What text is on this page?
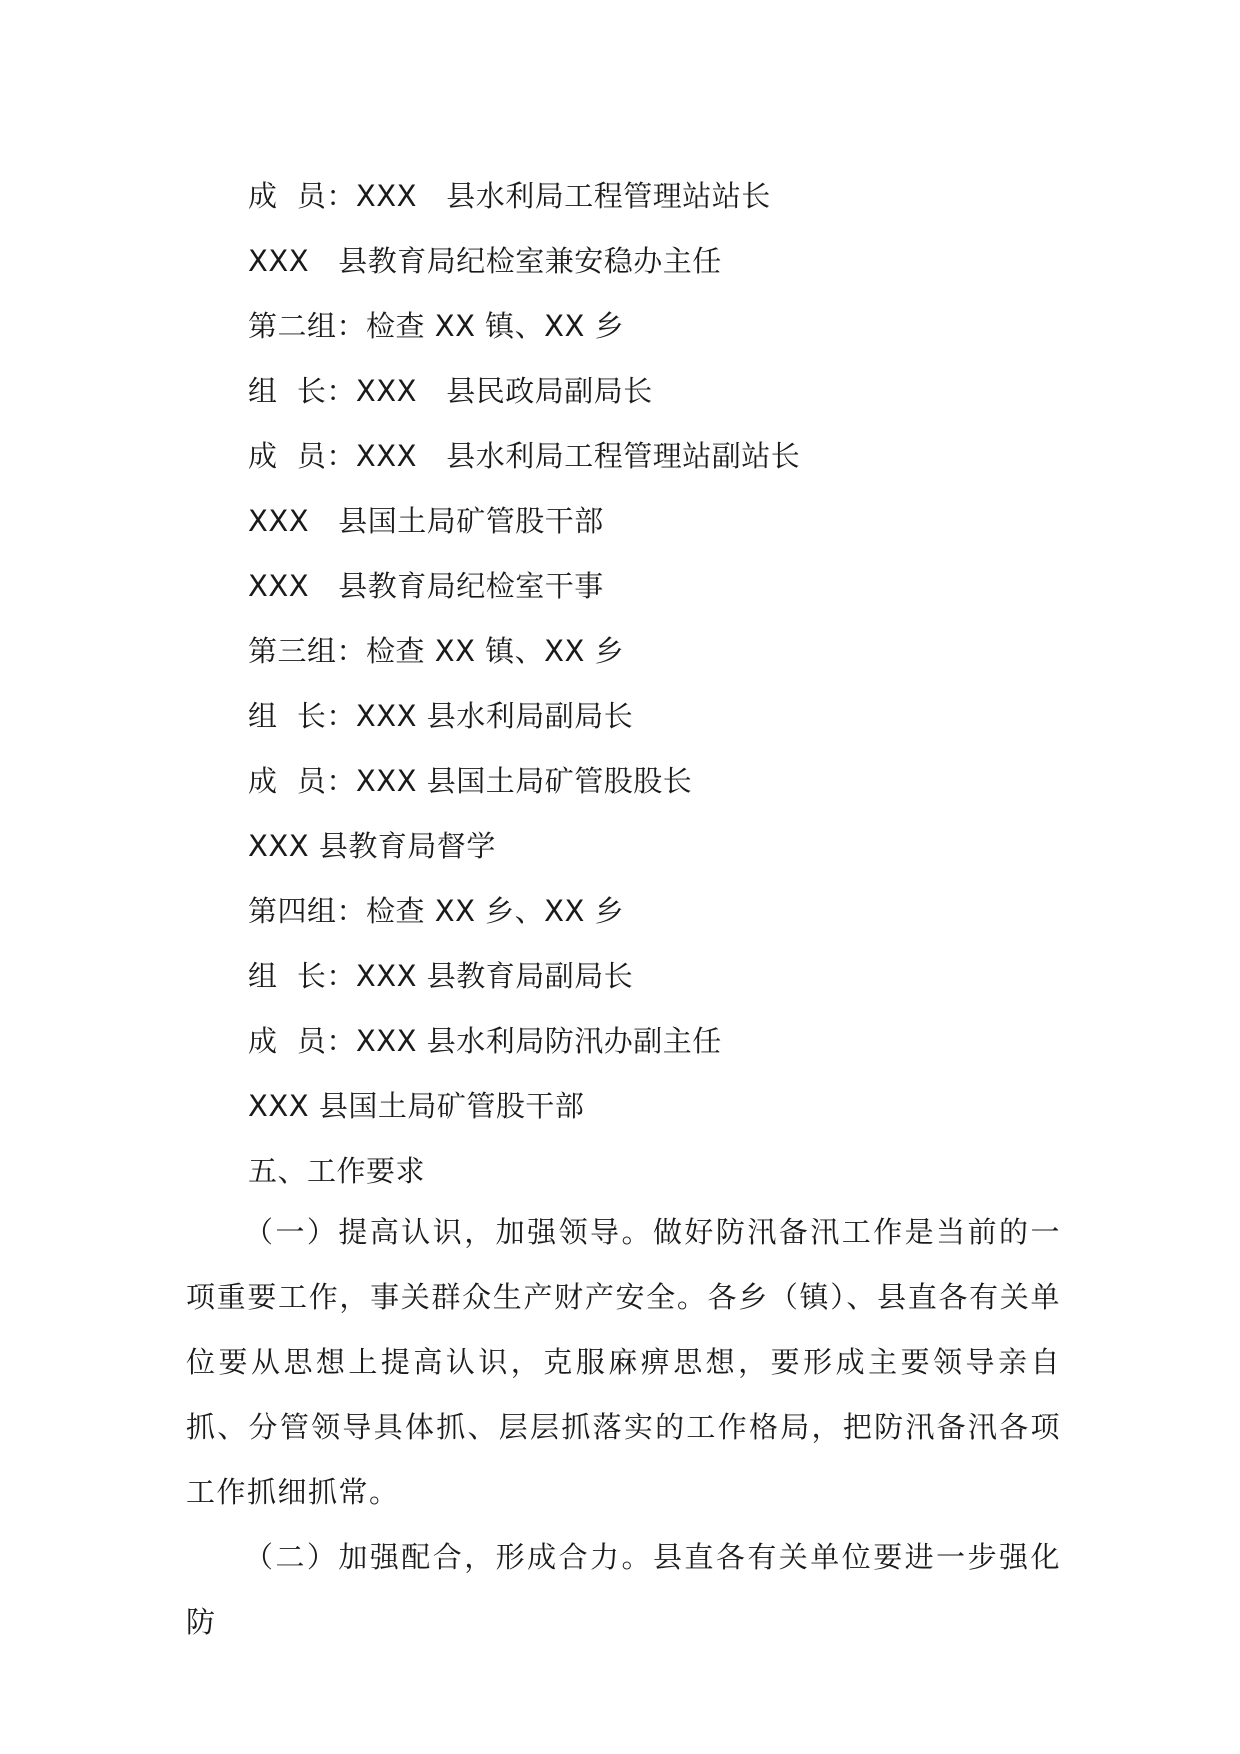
成  员：XXX   县水利局工程管理站站长
XXX   县教育局纪检室兼安稳办主任
第二组：检查 XX 镇、XX 乡
组  长：XXX   县民政局副局长
成  员：XXX   县水利局工程管理站副站长
XXX   县国土局矿管股干部
XXX   县教育局纪检室干事
第三组：检查 XX 镇、XX 乡
组  长：XXX 县水利局副局长
成  员：XXX 县国土局矿管股股长
XXX 县教育局督学
第四组：检查 XX 乡、XX 乡
组  长：XXX 县教育局副局长
成  员：XXX 县水利局防汛办副主任
XXX 县国土局矿管股干部
五、工作要求

（一）提高认识，加强领导。做好防汛备汛工作是当前的一项重要工作，事关群众生产财产安全。各乡（镇）、县直各有关单位要从思想上提高认识，克服麻痹思想，要形成主要领导亲自抓、分管领导具体抓、层层抓落实的工作格局，把防汛备汛各项工作抓细抓常。

（二）加强配合，形成合力。县直各有关单位要进一步强化防
